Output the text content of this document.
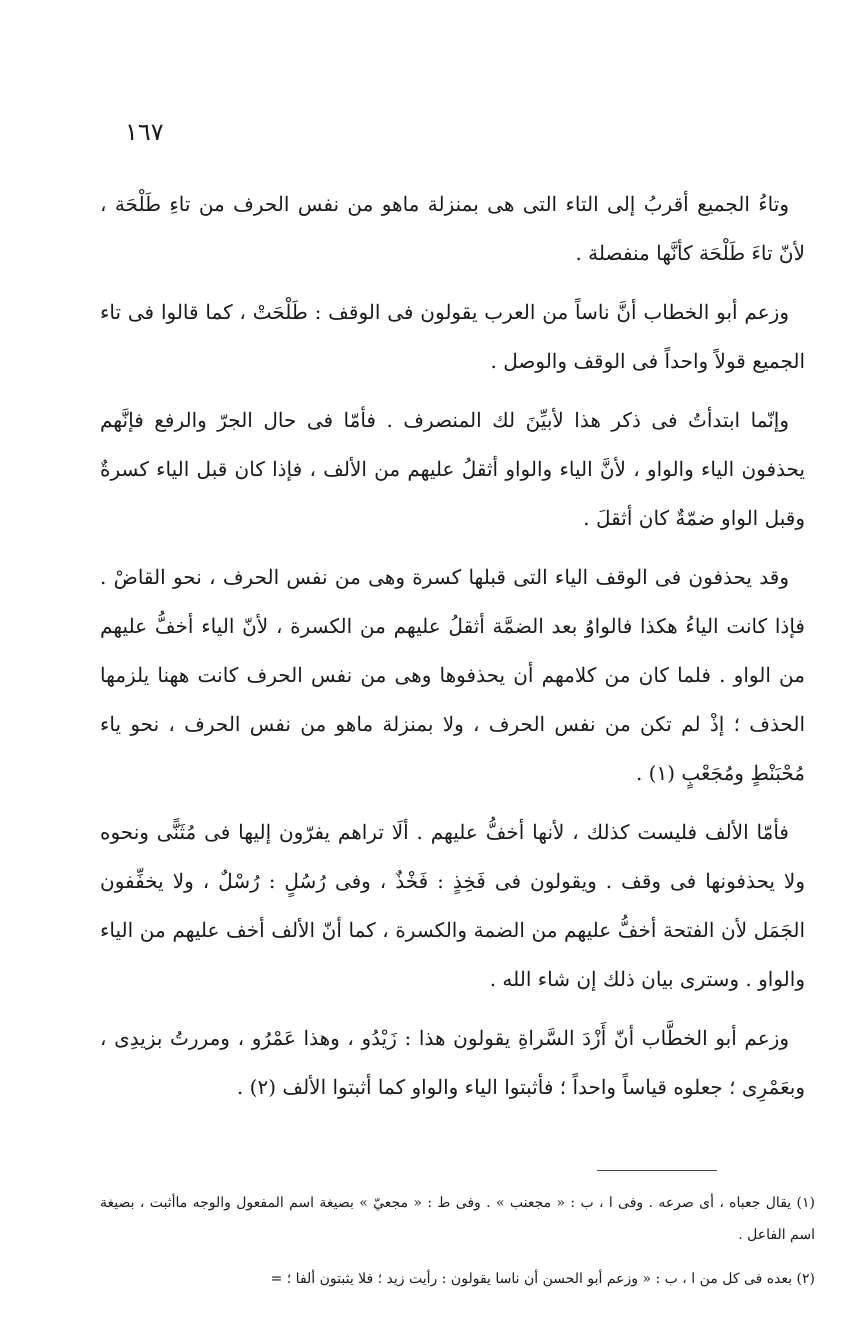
١٦٧

وتاءُ الجميع أقربُ إلى التاء التى هى بمنزلة ماهو من نفس الحرف من تاءِ طَلْحَة ، لأنّ تاءَ طَلْحَة كأنَّها منفصلة .

وزعم أبو الخطاب أنَّ ناساً من العرب يقولون فى الوقف : طَلْحَتْ ، كما قالوا فى تاء الجميع قولاً واحداً فى الوقف والوصل .

وإنّما ابتدأتُ فى ذكر هذا لأبيِّنَ لك المنصرف . فأمّا فى حال الجرّ والرفع فإنَّهم يحذفون الياء والواو ، لأنَّ الياء والواو أثقلُ عليهم من الألف ، فإذا كان قبل الياء كسرةٌ وقبل الواو ضمّةٌ كان أثقلَ .

وقد يحذفون فى الوقف الياء التى قبلها كسرة وهى من نفس الحرف ، نحو القاضْ . فإذا كانت الياءُ هكذا فالواوُ بعد الضمَّة أثقلُ عليهم من الكسرة ، لأنّ الياء أخفُّ عليهم من الواو . فلما كان من كلامهم أن يحذفوها وهى من نفس الحرف كانت ههنا يلزمها الحذف ؛ إذْ لم تكن من نفس الحرف ، ولا بمنزلة ماهو من نفس الحرف ، نحو ياء مُحْبَنْطٍ ومُجَعْبٍ (١) .

فأمّا الألف فليست كذلك ، لأنها أخفُّ عليهم . ألَا تراهم يفرّون إليها فى مُثَنًّى ونحوه ولا يحذفونها فى وقف . ويقولون فى فَخِذٍ : فَخْذٌ ، وفى رُسُلٍ : رُسْلٌ ، ولا يخفِّفون الجَمَل لأن الفتحة أخفُّ عليهم من الضمة والكسرة ، كما أنّ الألف أخف عليهم من الياء والواو . وسترى بيان ذلك إن شاء الله .

وزعم أبو الخطَّاب أنّ أَزْدَ السَّراةِ يقولون هذا : زَيْدُو ، وهذا عَمْرُو ، ومررتُ بزيدِى ، وبعَمْرِى ؛ جعلوه قياساً واحداً ؛ فأثبتوا الياء والواو كما أثبتوا الألف (٢) .

(١) يقال جعباه ، أى صرعه . وفى ا ، ب : « مجعنب » . وفى ط : « مجعيّ » بصيغة اسم المفعول والوجه ماأثبت ، بصيغة اسم الفاعل .

(٢) بعده فى كل من ا ، ب : « وزعم أبو الحسن أن ناسا يقولون : رأيت زيد ؛ فلا يثبتون ألفا ؛ =
